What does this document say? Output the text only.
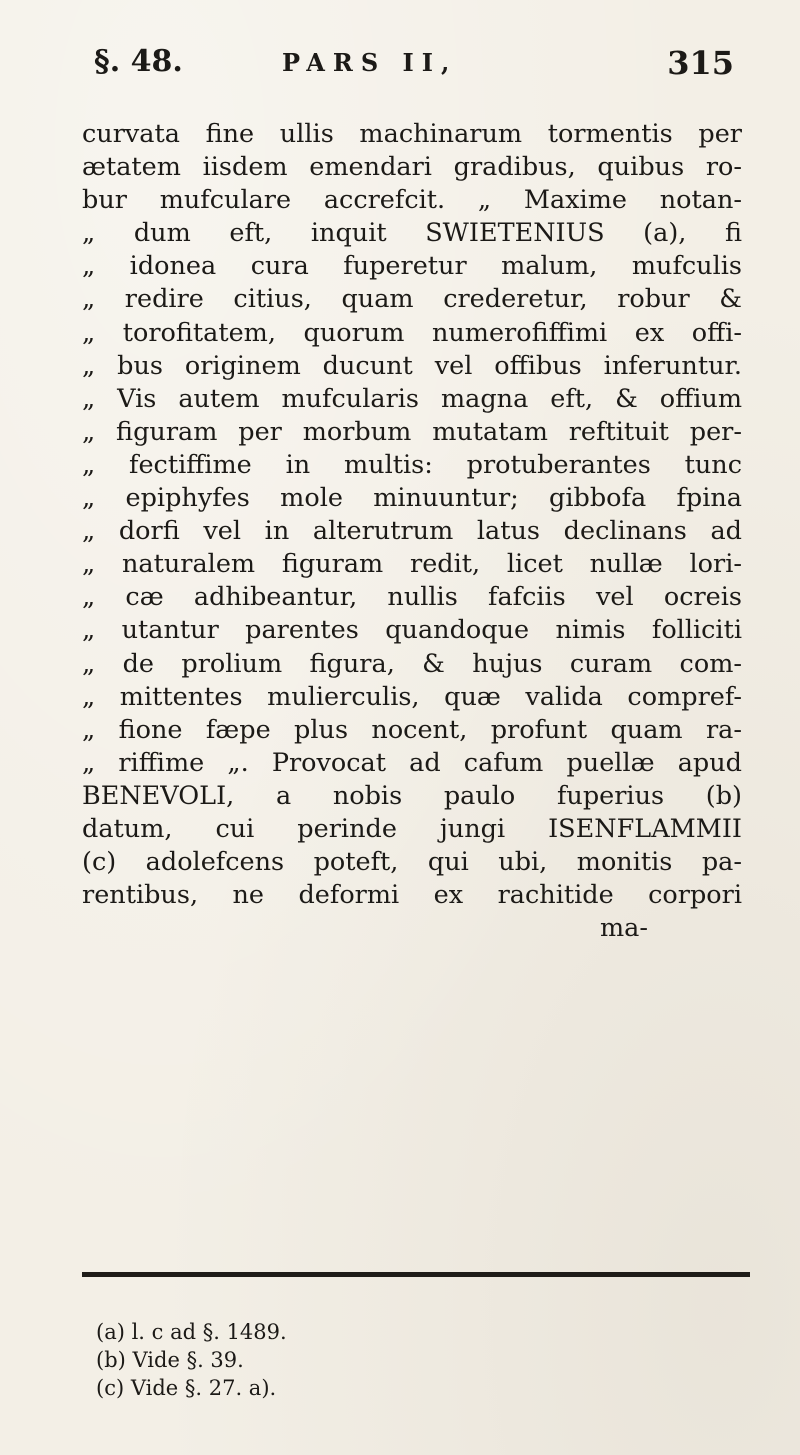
§. 48.	PARS II,	315
curvata fine ullis machinarum tormentis per
ætatem iisdem emendari gradibus, quibus ro-
bur mufculare accrefcit. „ Maxime notan-
„ dum eft, inquit SWIETENIUS (a), fi
„ idonea cura fuperetur malum, mufculis
„ redire citius, quam crederetur, robur &
„ torofitatem, quorum numerofiffimi ex offi-
„ bus originem ducunt vel offibus inferuntur.
„ Vis autem mufcularis magna eft, & offium
„ figuram per morbum mutatam reftituit per-
„ fectiffime in multis: protuberantes tunc
„ epiphyfes mole minuuntur; gibbofa fpina
„ dorfi vel in alterutrum latus declinans ad
„ naturalem figuram redit, licet nullæ lori-
„ cæ adhibeantur, nullis fafciis vel ocreis
„ utantur parentes quandoque nimis folliciti
„ de prolium figura, & hujus curam com-
„ mittentes mulierculis, quæ valida compref-
„ fione fæpe plus nocent, profunt quam ra-
„ riffime „. Provocat ad cafum puellæ apud
BENEVOLI, a nobis paulo fuperius (b)
datum, cui perinde jungi ISENFLAMMII
(c) adolefcens poteft, qui ubi, monitis pa-
rentibus, ne deformi ex rachitide corpori
ma-
(a) l. c ad §. 1489.
(b) Vide §. 39.
(c) Vide §. 27. a).
